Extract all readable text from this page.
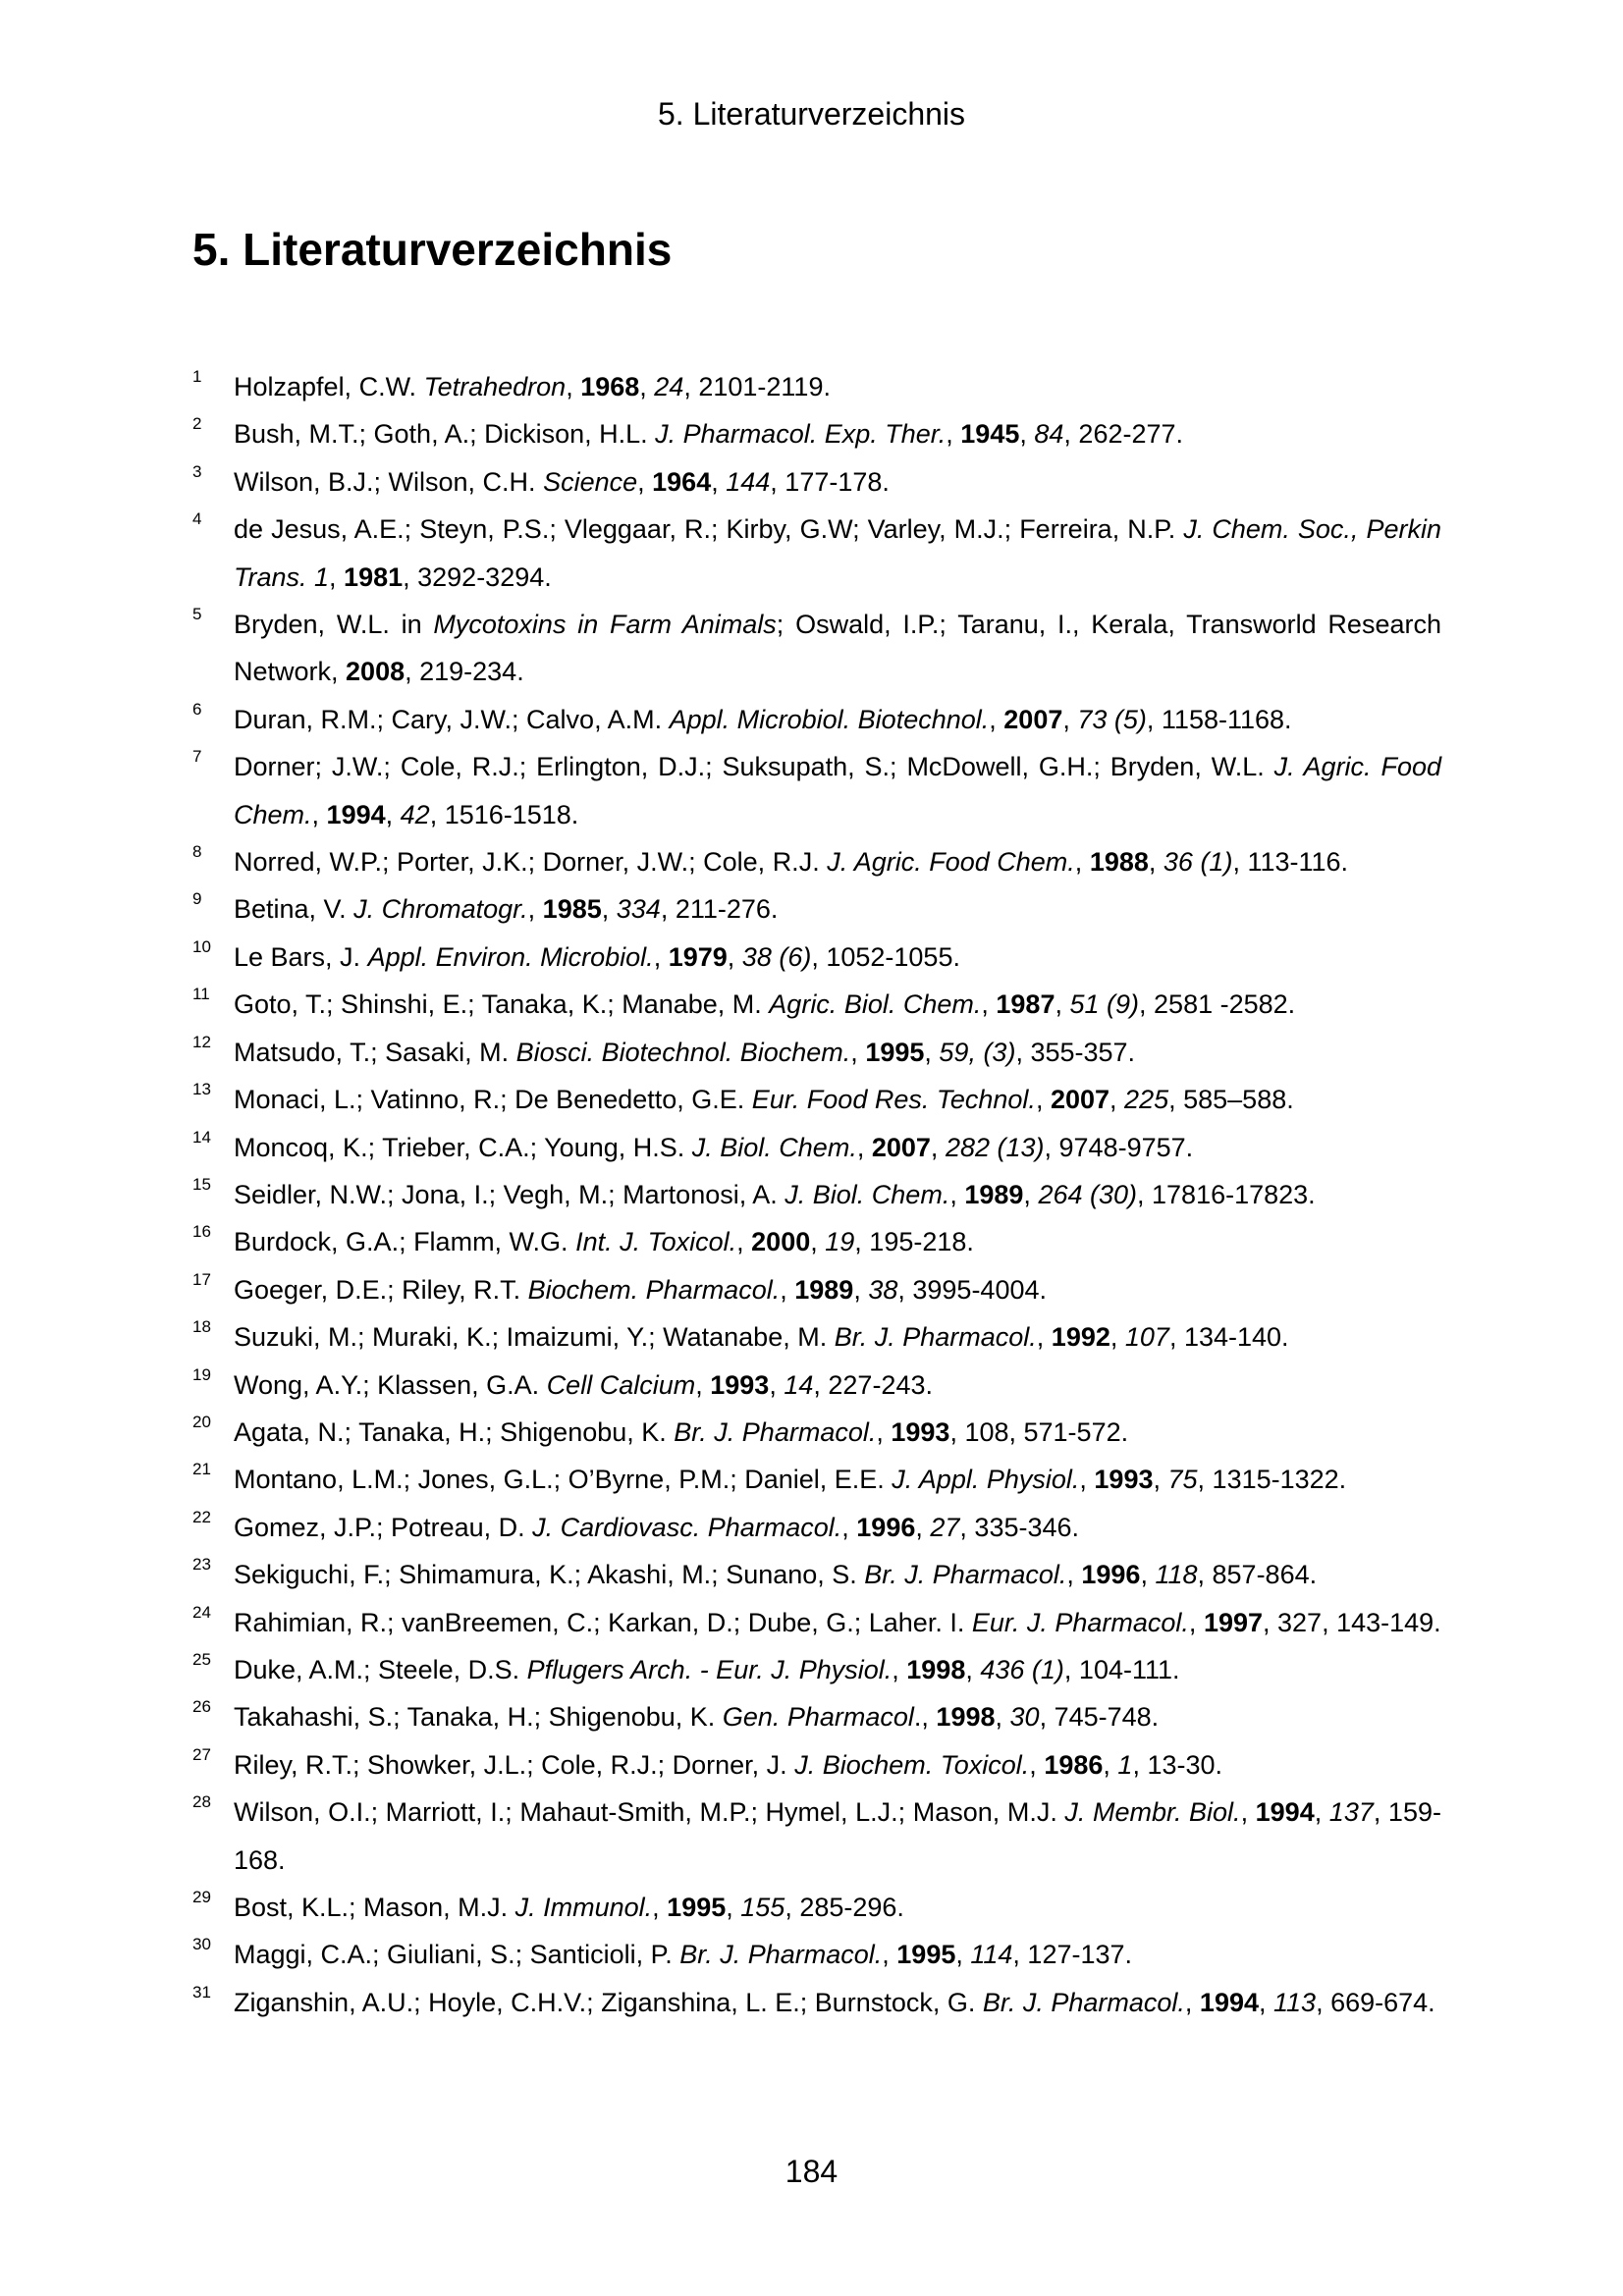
5. Literaturverzeichnis
5. Literaturverzeichnis
1	Holzapfel, C.W. Tetrahedron, 1968, 24, 2101-2119.
2	Bush, M.T.; Goth, A.; Dickison, H.L. J. Pharmacol. Exp. Ther., 1945, 84, 262-277.
3	Wilson, B.J.; Wilson, C.H. Science, 1964, 144, 177-178.
4	de Jesus, A.E.; Steyn, P.S.; Vleggaar, R.; Kirby, G.W; Varley, M.J.; Ferreira, N.P. J. Chem. Soc., Perkin Trans. 1, 1981, 3292-3294.
5	Bryden, W.L. in Mycotoxins in Farm Animals; Oswald, I.P.; Taranu, I., Kerala, Transworld Research Network, 2008, 219-234.
6	Duran, R.M.; Cary, J.W.; Calvo, A.M. Appl. Microbiol. Biotechnol., 2007, 73 (5), 1158-1168.
7	Dorner; J.W.; Cole, R.J.; Erlington, D.J.; Suksupath, S.; McDowell, G.H.; Bryden, W.L. J. Agric. Food Chem., 1994, 42, 1516-1518.
8	Norred, W.P.; Porter, J.K.; Dorner, J.W.; Cole, R.J. J. Agric. Food Chem., 1988, 36 (1), 113-116.
9	Betina, V. J. Chromatogr., 1985, 334, 211-276.
10 Le Bars, J. Appl. Environ. Microbiol., 1979, 38 (6), 1052-1055.
11 Goto, T.; Shinshi, E.; Tanaka, K.; Manabe, M. Agric. Biol. Chem., 1987, 51 (9), 2581 -2582.
12 Matsudo, T.; Sasaki, M. Biosci. Biotechnol. Biochem., 1995, 59, (3), 355-357.
13 Monaci, L.; Vatinno, R.; De Benedetto, G.E. Eur. Food Res. Technol., 2007, 225, 585–588.
14 Moncoq, K.; Trieber, C.A.; Young, H.S. J. Biol. Chem., 2007, 282 (13), 9748-9757.
15 Seidler, N.W.; Jona, I.; Vegh, M.; Martonosi, A. J. Biol. Chem., 1989, 264 (30), 17816-17823.
16 Burdock, G.A.; Flamm, W.G. Int. J. Toxicol., 2000, 19, 195-218.
17 Goeger, D.E.; Riley, R.T. Biochem. Pharmacol., 1989, 38, 3995-4004.
18 Suzuki, M.; Muraki, K.; Imaizumi, Y.; Watanabe, M. Br. J. Pharmacol., 1992, 107, 134-140.
19 Wong, A.Y.; Klassen, G.A. Cell Calcium, 1993, 14, 227-243.
20 Agata, N.; Tanaka, H.; Shigenobu, K. Br. J. Pharmacol., 1993, 108, 571-572.
21 Montano, L.M.; Jones, G.L.; O’Byrne, P.M.; Daniel, E.E. J. Appl. Physiol., 1993, 75, 1315-1322.
22 Gomez, J.P.; Potreau, D. J. Cardiovasc. Pharmacol., 1996, 27, 335-346.
23 Sekiguchi, F.; Shimamura, K.; Akashi, M.; Sunano, S. Br. J. Pharmacol., 1996, 118, 857-864.
24 Rahimian, R.; vanBreemen, C.; Karkan, D.; Dube, G.; Laher. I. Eur. J. Pharmacol., 1997, 327, 143-149.
25 Duke, A.M.; Steele, D.S. Pflugers Arch. - Eur. J. Physiol., 1998, 436 (1), 104-111.
26 Takahashi, S.; Tanaka, H.; Shigenobu, K. Gen. Pharmacol., 1998, 30, 745-748.
27 Riley, R.T.; Showker, J.L.; Cole, R.J.; Dorner, J. J. Biochem. Toxicol., 1986, 1, 13-30.
28 Wilson, O.I.; Marriott, I.; Mahaut-Smith, M.P.; Hymel, L.J.; Mason, M.J. J. Membr. Biol., 1994, 137, 159-168.
29 Bost, K.L.; Mason, M.J. J. Immunol., 1995, 155, 285-296.
30 Maggi, C.A.; Giuliani, S.; Santicioli, P. Br. J. Pharmacol., 1995, 114, 127-137.
31 Ziganshin, A.U.; Hoyle, C.H.V.; Ziganshina, L. E.; Burnstock, G. Br. J. Pharmacol., 1994, 113, 669-674.
184
